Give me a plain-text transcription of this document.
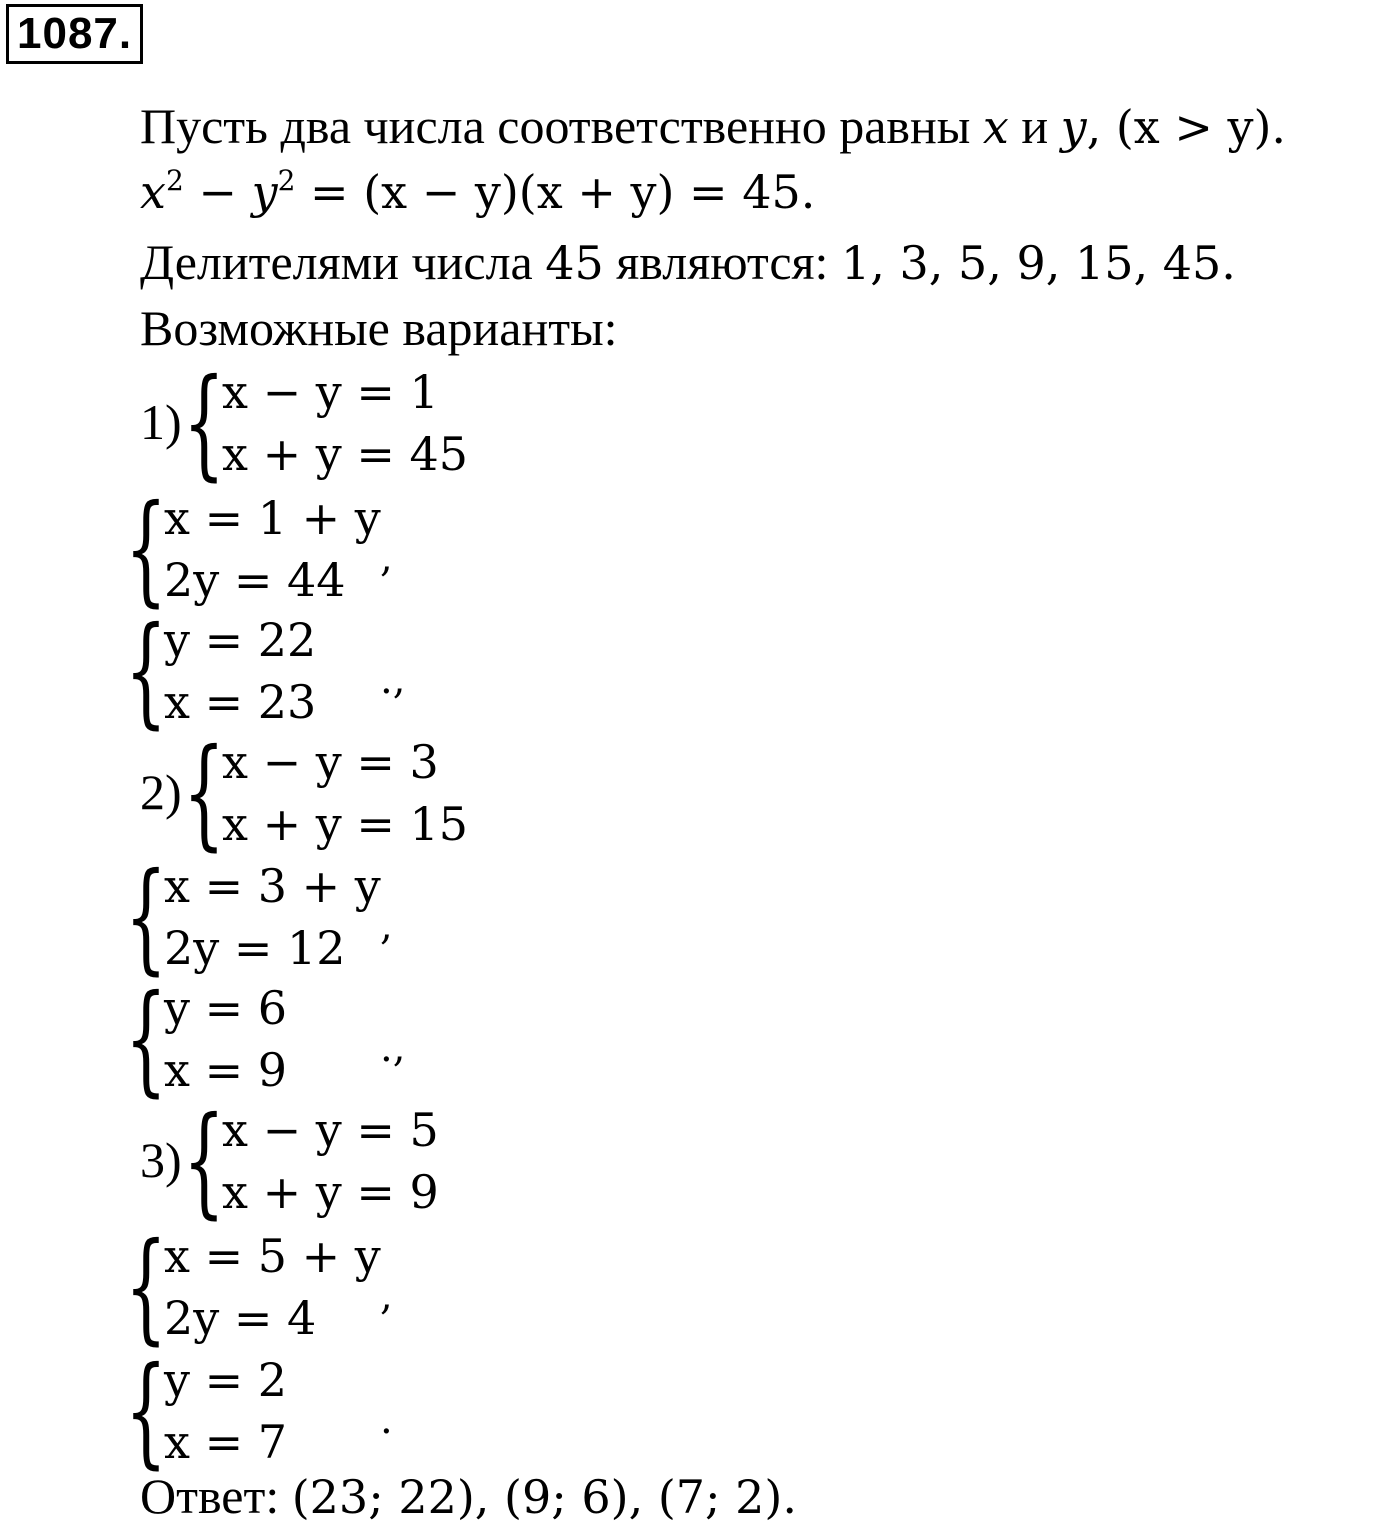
1087.
Пусть два числа соответственно равны x и y, (x > y).
$x^2 - y^2 = (x - y)(x + y) = 45$.
Делителями числа 45 являются: 1, 3, 5, 9, 15, 45.
Возможные варианты:
1) {
x − y = 1
x + y = 45
{
x = 1 + y
2y = 44 ,
{
y = 22
x = 23 .,
2) {
x − y = 3
x + y = 15
{
x = 3 + y
2y = 12 ,
{
y = 6
x = 9 .,
3) {
x − y = 5
x + y = 9
{
x = 5 + y
2y = 4 ,
{
y = 2
x = 7 .
Ответ: (23; 22), (9; 6), (7; 2).
